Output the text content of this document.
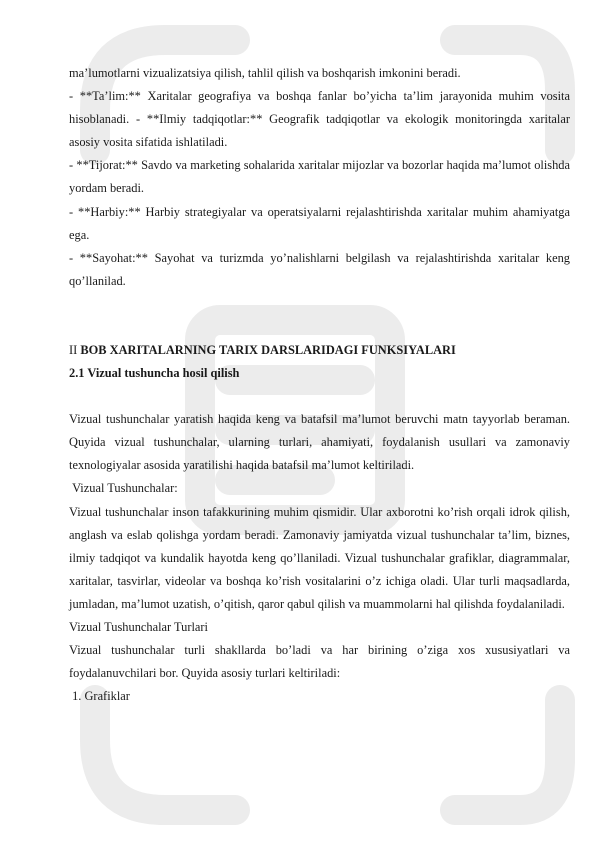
ma’lumotlarni vizualizatsiya qilish, tahlil qilish va boshqarish imkonini beradi.

- **Ta’lim:** Xaritalar geografiya va boshqa fanlar bo’yicha ta’lim jarayonida muhim vosita hisoblanadi. - **Ilmiy tadqiqotlar:** Geografik tadqiqotlar va ekologik monitoringda xaritalar asosiy vosita sifatida ishlatiladi.

- **Tijorat:** Savdo va marketing sohalarida xaritalar mijozlar va bozorlar haqida ma’lumot olishda yordam beradi.

- **Harbiy:** Harbiy strategiyalar va operatsiyalarni rejalashtirishda xaritalar muhim ahamiyatga ega.

- **Sayohat:** Sayohat va turizmda yo’nalishlarni belgilash va rejalashtirishda xaritalar keng qo’llanilad.

II BOB XARITALARNING TARIX DARSLARIDAGI FUNKSIYALARI

2.1 Vizual tushuncha hosil qilish

Vizual tushunchalar yaratish haqida keng va batafsil ma’lumot beruvchi matn tayyorlab beraman. Quyida vizual tushunchalar, ularning turlari, ahamiyati, foydalanish usullari va zamonaviy texnologiyalar asosida yaratilishi haqida batafsil ma’lumot keltiriladi.

Vizual Tushunchalar:

Vizual tushunchalar inson tafakkurining muhim qismidir. Ular axborotni ko’rish orqali idrok qilish, anglash va eslab qolishga yordam beradi. Zamonaviy jamiyatda vizual tushunchalar ta’lim, biznes, ilmiy tadqiqot va kundalik hayotda keng qo’llaniladi. Vizual tushunchalar grafiklar, diagrammalar, xaritalar, tasvirlar, videolar va boshqa ko’rish vositalarini o’z ichiga oladi. Ular turli maqsadlarda, jumladan, ma’lumot uzatish, o’qitish, qaror qabul qilish va muammolarni hal qilishda foydalaniladi.

Vizual Tushunchalar Turlari

Vizual tushunchalar turli shakllarda bo’ladi va har birining o’ziga xos xususiyatlari va foydalanuvchilari bor. Quyida asosiy turlari keltiriladi:

1. Grafiklar
